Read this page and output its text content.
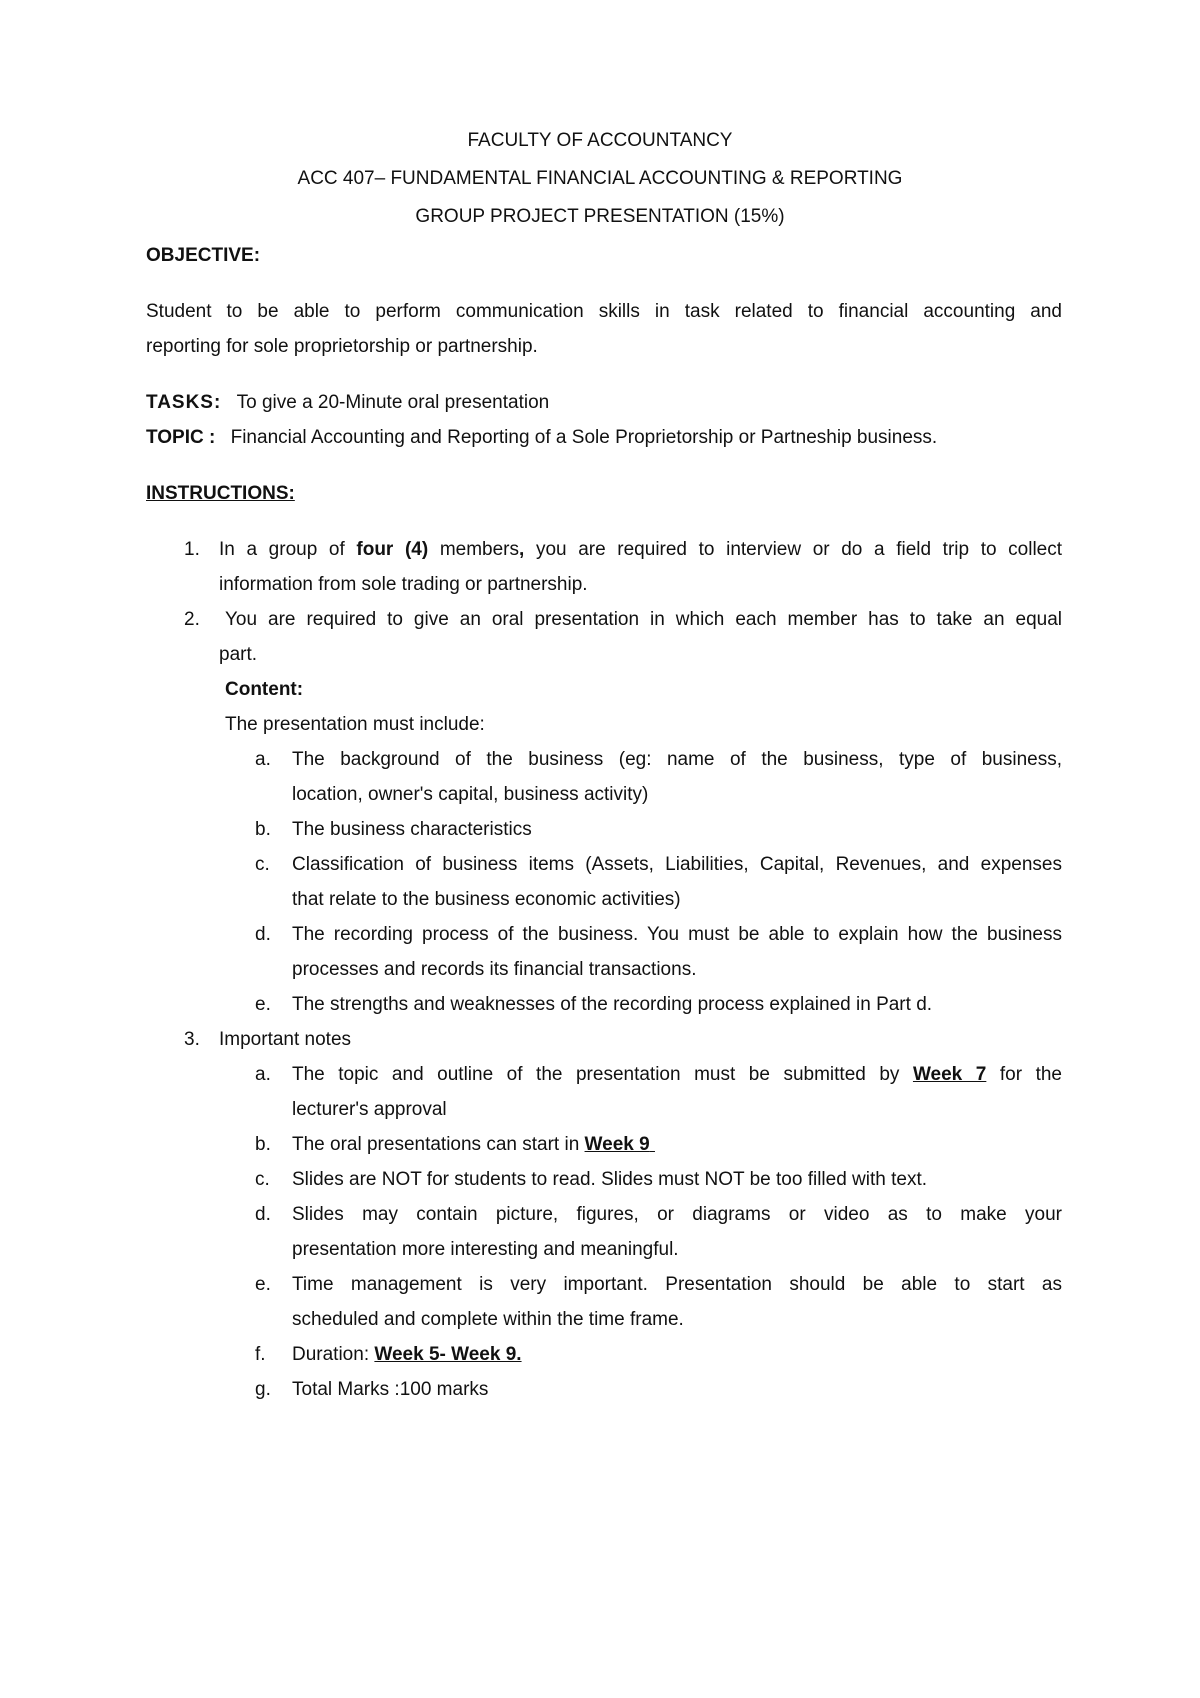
FACULTY OF ACCOUNTANCY
ACC 407– FUNDAMENTAL FINANCIAL ACCOUNTING & REPORTING
GROUP PROJECT PRESENTATION (15%)
OBJECTIVE:
Student to be able to perform communication skills in task related to financial accounting and
reporting for sole proprietorship or partnership.
TASKS: To give a 20-Minute oral presentation
TOPIC : Financial Accounting and Reporting of a Sole Proprietorship or Partneship business.
INSTRUCTIONS:
1. In a group of four (4) members, you are required to interview or do a field trip to collect
information from sole trading or partnership.
2. You are required to give an oral presentation in which each member has to take an equal
part.
Content:
The presentation must include:
a. The background of the business (eg: name of the business, type of business,
location, owner's capital, business activity)
b. The business characteristics
c. Classification of business items (Assets, Liabilities, Capital, Revenues, and expenses
that relate to the business economic activities)
d. The recording process of the business. You must be able to explain how the business
processes and records its financial transactions.
e. The strengths and weaknesses of the recording process explained in Part d.
3. Important notes
a. The topic and outline of the presentation must be submitted by Week 7 for the
lecturer's approval
b. The oral presentations can start in Week 9
c. Slides are NOT for students to read. Slides must NOT be too filled with text.
d. Slides may contain picture, figures, or diagrams or video as to make your
presentation more interesting and meaningful.
e. Time management is very important. Presentation should be able to start as
scheduled and complete within the time frame.
f. Duration: Week 5- Week 9.
g. Total Marks :100 marks
